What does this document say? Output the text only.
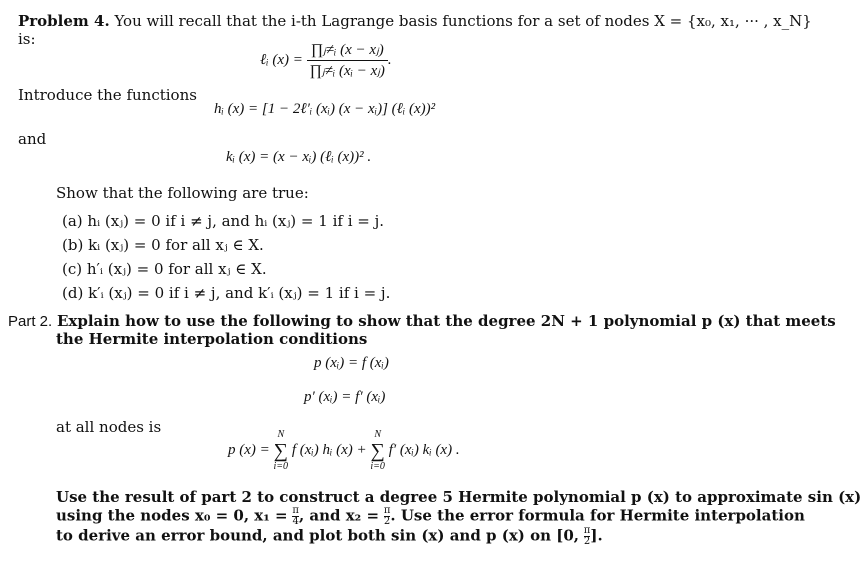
Problem 4. You will recall that the i-th Lagrange basis functions for a set of nodes X = {x₀, x₁, ··· , x_N}
is:
ℓᵢ $(x) = \frac{\text{∏ⱼ≠ᵢ (x − xⱼ)}}{\text{∏ⱼ≠ᵢ (xᵢ − xⱼ)}}$ .
Introduce the functions
hᵢ (x) = [1 − 2ℓ′ᵢ (xᵢ) (x − xᵢ)] (ℓᵢ (x))²
and
kᵢ (x) = (x − xᵢ) (ℓᵢ (x))² .
Show that the following are true:
(a) hᵢ (xⱼ) = 0 if i ≠ j, and hᵢ (xⱼ) = 1 if i = j.
(b) kᵢ (xⱼ) = 0 for all xⱼ ∈ X.
(c) h′ᵢ (xⱼ) = 0 for all xⱼ ∈ X.
(d) k′ᵢ (xⱼ) = 0 if i ≠ j, and k′ᵢ (xⱼ) = 1 if i = j.
Part 2. Explain how to use the following to show that the degree 2N + 1 polynomial p (x) that meets
the Hermite interpolation conditions
p (xᵢ) = f (xᵢ)
p′ (xᵢ) = f′ (xᵢ)
at all nodes is
p (x) =
N
∑
i=0
f (xᵢ) hᵢ (x) +
N
∑
i=0
f′ (xᵢ) kᵢ (x) .
Use the result of part 2 to construct a degree 5 Hermite polynomial p (x) to approximate sin (x)
using the nodes x₀ = 0, $x_1 = \frac{\pi}{4}$ , and $x_2 = \frac{\pi}{2}$ . Use the error formula for Hermite interpolation
to derive an error bound, and plot both sin (x) and p (x) on [0, $\frac{\pi}{2}$ ].
